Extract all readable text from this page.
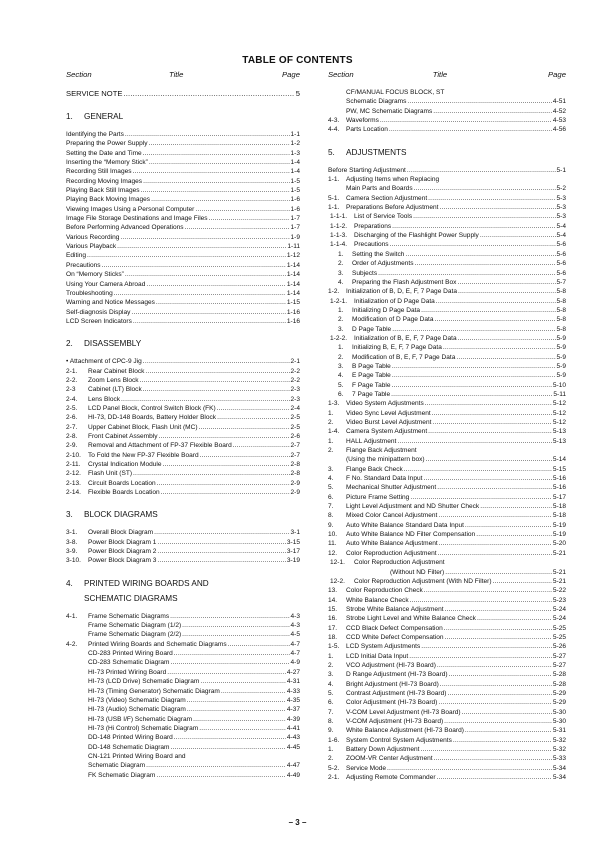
TABLE OF CONTENTS
Section	Title	Page
SERVICE NOTE .....	5
1.	GENERAL
Identifying the Parts .....	1-1
Preparing the Power Supply .....	1-2
Setting the Date and Time .....	1-3
Inserting the “Memory Stick” .....	1-4
Recording Still Images .....	1-4
Recording Moving Images .....	1-5
Playing Back Still Images .....	1-5
Playing Back Moving Images .....	1-6
Viewing Images Using a Personal Computer .....	1-6
Image File Storage Destinations and Image Files .....	1-7
Before Performing Advanced Operations .....	1-7
Various Recording .....	1-9
Various Playback .....	1-11
Editing .....	1-12
Precautions .....	1-14
On “Memory Sticks” .....	1-14
Using Your Camera Abroad .....	1-14
Troubleshooting .....	1-14
Warning and Notice Messages .....	1-15
Self-diagnosis Display .....	1-16
LCD Screen Indicators .....	1-16
2.	DISASSEMBLY
• Attachment of CPC-9 Jig .....	2-1
2-1.	Rear Cabinet Block .....	2-2
2-2.	Zoom Lens Block .....	2-2
2-3	Cabinet (LT) Block .....	2-3
2-4.	Lens Block .....	2-3
2-5.	LCD Panel Block, Control Switch Block (FK) .....	2-4
2-6.	HI-73, DD-148 Boards, Battery Holder Block .....	2-5
2-7.	Upper Cabinet Block, Flash Unit (MC) .....	2-5
2-8.	Front Cabinet Assembly .....	2-6
2-9.	Removal and Attachment of FP-37 Flexible Board .....	2-7
2-10.	To Fold the New FP-37 Flexible Board .....	2-7
2-11.	Crystal Indication Module .....	2-8
2-12.	Flash Unit (ST) .....	2-8
2-13.	Circuit Boards Location .....	2-9
2-14.	Flexible Boards Location .....	2-9
3.	BLOCK DIAGRAMS
3-1.	Overall Block Diagram .....	3-1
3-8.	Power Block Diagram 1 .....	3-15
3-9.	Power Block Diagram 2 .....	3-17
3-10.	Power Block Diagram 3 .....	3-19
4.	PRINTED WIRING BOARDS AND
SCHEMATIC DIAGRAMS
4-1.	Frame Schematic Diagrams .....	4-3
Frame Schematic Diagram (1/2) .....	4-3
Frame Schematic Diagram (2/2) .....	4-5
4-2.	Printed Wiring Boards and Schematic Diagrams .....	4-7
CD-283 Printed Wiring Board .....	4-7
CD-283 Schematic Diagram .....	4-9
HI-73 Printed Wiring Board .....	4-27
HI-73 (LCD Drive) Schematic Diagram .....	4-31
HI-73 (Timing Generator) Schematic Diagram .....	4-33
HI-73 (Video) Schematic Diagram .....	4-35
HI-73 (Audio) Schematic Diagram .....	4-37
HI-73 (USB I/F) Schematic Diagram .....	4-39
HI-73 (Hi Control) Schematic Diagram .....	4-41
DD-148 Printed Wiring Board .....	4-43
DD-148 Schematic Diagram .....	4-45
CN-121 Printed Wiring Board and
Schematic Diagram .....	4-47
FK Schematic Diagram .....	4-49
Section	Title	Page
CF/MANUAL FOCUS BLOCK, ST
Schematic Diagrams .....	4-51
PW, MC Schematic Diagrams .....	4-52
4-3.	Waveforms .....	4-53
4-4.	Parts Location .....	4-56
5.	ADJUSTMENTS
Before Starting Adjustment .....	5-1
1-1.	Adjusting Items when Replacing
Main Parts and Boards .....	5-2
5-1.	Camera Section Adjustment .....	5-3
1-1.	Preparations Before Adjustment .....	5-3
1-1-1.	List of Service Tools .....	5-3
1-1-2.	Preparations .....	5-4
1-1-3.	Discharging of the Flashlight Power Supply .....	5-4
1-1-4.	Precautions .....	5-6
1.	Setting the Switch .....	5-6
2.	Order of Adjustments .....	5-6
3.	Subjects .....	5-6
4.	Preparing the Flash Adjustment Box .....	5-7
1-2.	Initialization of B, D, E, F, 7 Page Data .....	5-8
1-2-1.	Initialization of D Page Data .....	5-8
1.	Initializing D Page Data .....	5-8
2.	Modification of D Page Data .....	5-8
3.	D Page Table .....	5-8
1-2-2.	Initialization of B, E, F, 7 Page Data .....	5-9
1.	Initializing B, E, F, 7 Page Data .....	5-9
2.	Modification of B, E, F, 7 Page Data .....	5-9
3.	B Page Table .....	5-9
4.	E Page Table .....	5-9
5.	F Page Table .....	5-10
6.	7 Page Table .....	5-11
1-3.	Video System Adjustments .....	5-12
1.	Video Sync Level Adjustment .....	5-12
2.	Video Burst Level Adjustment .....	5-12
1-4.	Camera System Adjustment .....	5-13
1.	HALL Adjustment .....	5-13
2.	Flange Back Adjustment
(Using the minipattern box) .....	5-14
3.	Flange Back Check .....	5-15
4.	F No. Standard Data Input .....	5-16
5.	Mechanical Shutter Adjustment .....	5-16
6.	Picture Frame Setting .....	5-17
7.	Light Level Adjustment and ND Shutter Check .....	5-18
8.	Mixed Color Cancel Adjustment .....	5-18
9.	Auto White Balance Standard Data Input .....	5-19
10.	Auto White Balance ND Filter Compensation .....	5-19
11.	Auto White Balance Adjustment .....	5-20
12.	Color Reproduction Adjustment .....	5-21
12-1.	Color Reproduction Adjustment
(Without ND Filter) .....	5-21
12-2.	Color Reproduction Adjustment (With ND Filter) .....	5-21
13.	Color Reproduction Check .....	5-22
14.	White Balance Check .....	5-23
15.	Strobe White Balance Adjustment .....	5-24
16.	Strobe Light Level and White Balance Check .....	5-24
17.	CCD Black Defect Compensation .....	5-25
18.	CCD White Defect Compensation .....	5-25
1-5.	LCD System Adjustments .....	5-26
1.	LCD Initial Data Input .....	5-27
2.	VCO Adjustment (HI-73 Board) .....	5-27
3.	D Range Adjustment (HI-73 Board) .....	5-28
4.	Bright Adjustment (HI-73 Board) .....	5-28
5.	Contrast Adjustment (HI-73 Board) .....	5-29
6.	Color Adjustment (HI-73 Board) .....	5-29
7.	V-COM Level Adjustment (HI-73 Board) .....	5-30
8.	V-COM Adjustment (HI-73 Board) .....	5-30
9.	White Balance Adjustment (HI-73 Board) .....	5-31
1-6.	System Control System Adjustments .....	5-32
1.	Battery Down Adjustment .....	5-32
2.	ZOOM-VR Center Adjustment .....	5-33
5-2.	Service Mode .....	5-34
2-1.	Adjusting Remote Commander .....	5-34
– 3 –
